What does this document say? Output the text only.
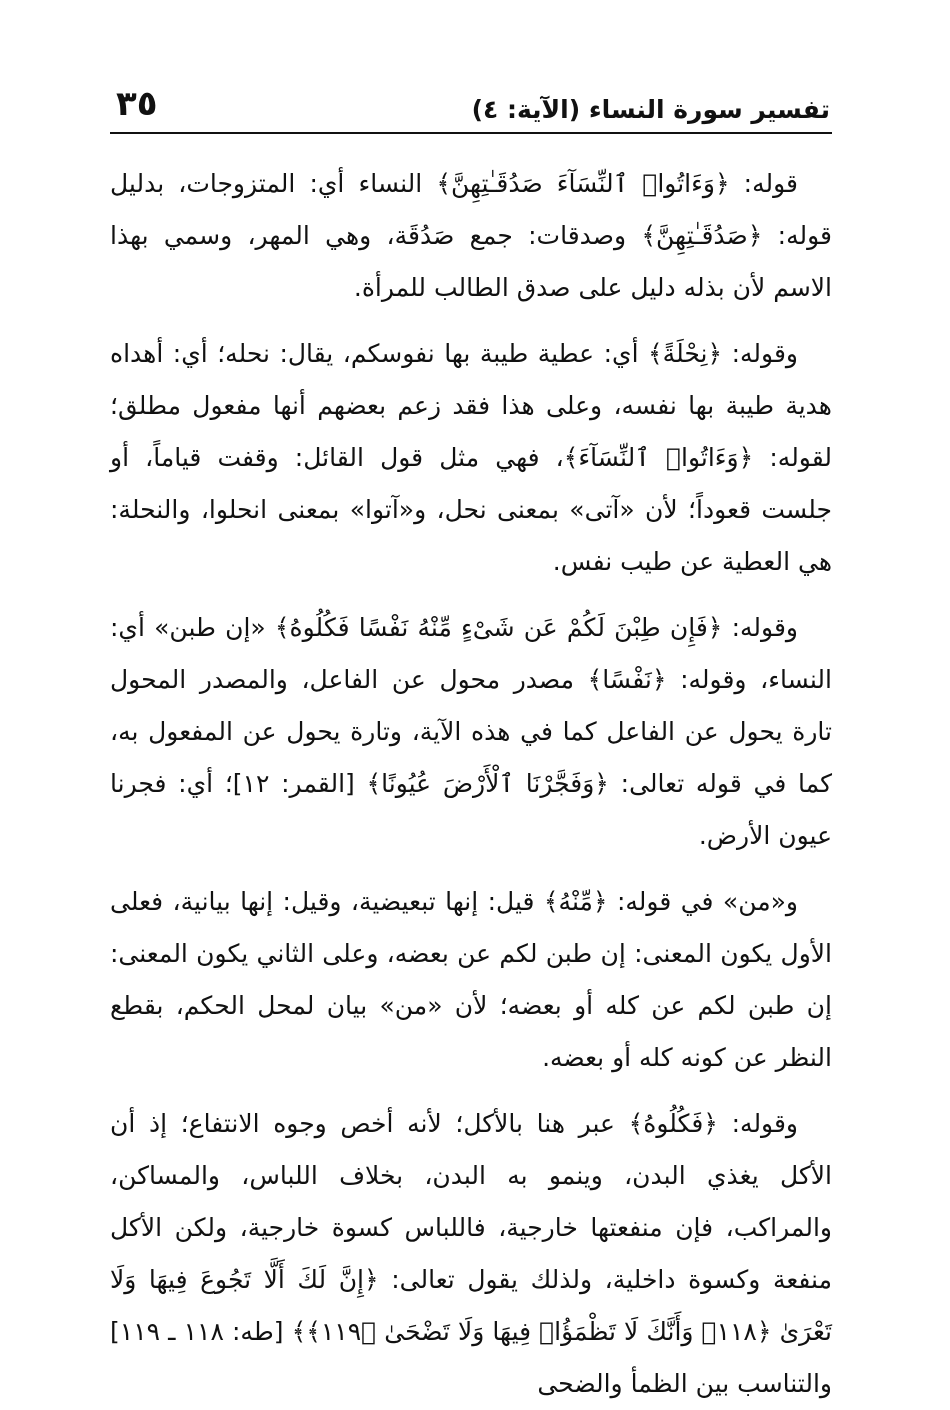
تفسير سورة النساء (الآية: ٤)
٣٥

قوله: ﴿وَءَاتُوا۟ ٱلنِّسَآءَ صَدُقَـٰتِهِنَّ﴾ النساء أي: المتزوجات، بدليل قوله: ﴿صَدُقَـٰتِهِنَّ﴾ وصدقات: جمع صَدُقَة، وهي المهر، وسمي بهذا الاسم لأن بذله دليل على صدق الطالب للمرأة.

وقوله: ﴿نِحْلَةً﴾ أي: عطية طيبة بها نفوسكم، يقال: نحله؛ أي: أهداه هدية طيبة بها نفسه، وعلى هذا فقد زعم بعضهم أنها مفعول مطلق؛ لقوله: ﴿وَءَاتُوا۟ ٱلنِّسَآءَ﴾، فهي مثل قول القائل: وقفت قياماً، أو جلست قعوداً؛ لأن «آتى» بمعنى نحل، و«آتوا» بمعنى انحلوا، والنحلة: هي العطية عن طيب نفس.

وقوله: ﴿فَإِن طِبْنَ لَكُمْ عَن شَىْءٍ مِّنْهُ نَفْسًا فَكُلُوهُ﴾ «إن طبن» أي: النساء، وقوله: ﴿نَفْسًا﴾ مصدر محول عن الفاعل، والمصدر المحول تارة يحول عن الفاعل كما في هذه الآية، وتارة يحول عن المفعول به، كما في قوله تعالى: ﴿وَفَجَّرْنَا ٱلْأَرْضَ عُيُونًا﴾ [القمر: ١٢]؛ أي: فجرنا عيون الأرض.

و«من» في قوله: ﴿مِّنْهُ﴾ قيل: إنها تبعيضية، وقيل: إنها بيانية، فعلى الأول يكون المعنى: إن طبن لكم عن بعضه، وعلى الثاني يكون المعنى: إن طبن لكم عن كله أو بعضه؛ لأن «من» بيان لمحل الحكم، بقطع النظر عن كونه كله أو بعضه.

وقوله: ﴿فَكُلُوهُ﴾ عبر هنا بالأكل؛ لأنه أخص وجوه الانتفاع؛ إذ أن الأكل يغذي البدن، وينمو به البدن، بخلاف اللباس، والمساكن، والمراكب، فإن منفعتها خارجية، فاللباس كسوة خارجية، ولكن الأكل منفعة وكسوة داخلية، ولذلك يقول تعالى: ﴿إِنَّ لَكَ أَلَّا تَجُوعَ فِيهَا وَلَا تَعْرَىٰ ﴿١١٨﴾ وَأَنَّكَ لَا تَظْمَؤُا۟ فِيهَا وَلَا تَضْحَىٰ ﴿١١٩﴾﴾ [طه: ١١٨ ـ ١١٩] والتناسب بين الظمأ والضحى
